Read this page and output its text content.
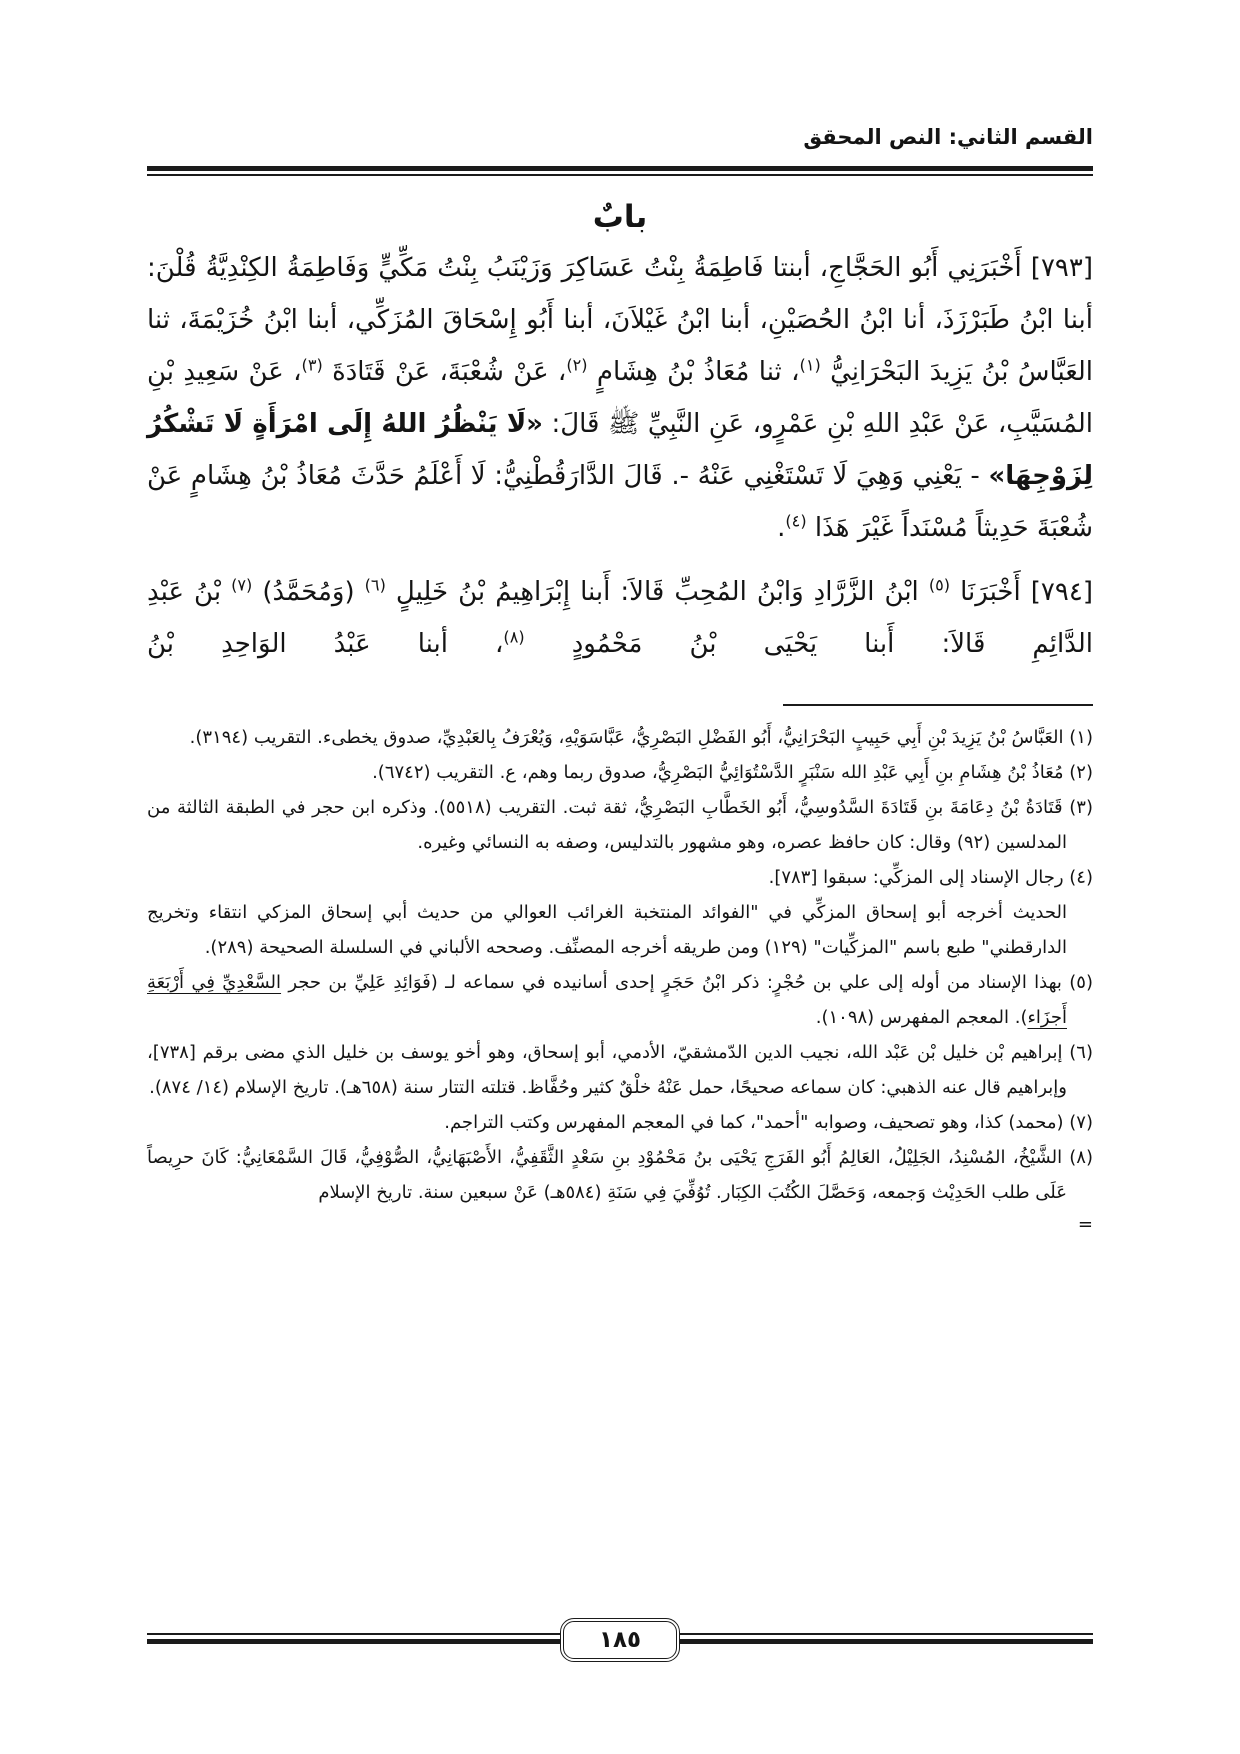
القسم الثاني: النص المحقق
بابٌ

[٧٩٣] أَخْبَرَنِي أَبُو الحَجَّاجِ، أبنتا فَاطِمَةُ بِنْتُ عَسَاكِرَ وَزَيْنَبُ بِنْتُ مَكِّيٍّ وَفَاطِمَةُ الكِنْدِيَّةُ قُلْنَ: أبنا ابْنُ طَبَرْزَذَ، أنا ابْنُ الحُصَيْنِ، أبنا ابْنُ غَيْلاَنَ، أبنا أَبُو إِسْحَاقَ المُزَكِّي، أبنا ابْنُ خُزَيْمَةَ، ثنا العَبَّاسُ بْنُ يَزِيدَ البَحْرَانِيُّ $^{(١)}$، ثنا مُعَاذُ بْنُ هِشَامٍ $^{(٢)}$، عَنْ شُعْبَةَ، عَنْ قَتَادَةَ $^{(٣)}$، عَنْ سَعِيدِ بْنِ المُسَيَّبِ، عَنْ عَبْدِ اللهِ بْنِ عَمْرٍو، عَنِ النَّبِيِّ ﷺ قَالَ: «لَا يَنْظُرُ اللهُ إِلَى امْرَأَةٍ لَا تَشْكُرُ لِزَوْجِهَا» - يَعْنِي وَهِيَ لَا تَسْتَغْنِي عَنْهُ -. قَالَ الدَّارَقُطْنِيُّ: لَا أَعْلَمُ حَدَّثَ مُعَاذُ بْنُ هِشَامٍ عَنْ شُعْبَةَ حَدِيثاً مُسْنَداً غَيْرَ هَذَا $^{(٤)}$.

[٧٩٤] أَخْبَرَنَا $^{(٥)}$ ابْنُ الزَّرَّادِ وَابْنُ المُحِبِّ قَالاَ: أَبنا إِبْرَاهِيمُ بْنُ خَلِيلٍ $^{(٦)}$ (وَمُحَمَّدُ) $^{(٧)}$ بْنُ عَبْدِ الدَّائِمِ قَالاَ: أَبنا يَحْيَى بْنُ مَحْمُودٍ $^{(٨)}$، أبنا عَبْدُ الوَاحِدِ بْنُ

(١) العَبَّاسُ بْنُ يَزِيدَ بْنِ أَبِي حَبِيبٍ البَحْرَانِيُّ، أَبُو الفَضْلِ البَصْرِيُّ، عَبَّاسَوَيْهِ، وَيُعْرَفُ بِالعَبْدِيِّ، صدوق يخطىء. التقريب (٣١٩٤).
(٢) مُعَاذُ بْنُ هِشَامِ بنِ أَبِي عَبْدِ الله سَنْبَرٍ الدَّسْتُوَائِيُّ البَصْرِيُّ، صدوق ربما وهم، ع. التقريب (٦٧٤٢).
(٣) قَتَادَةُ بْنُ دِعَامَةَ بنِ قَتَادَةَ السَّدُوسِيُّ، أَبُو الخَطَّابِ البَصْرِيُّ، ثقة ثبت. التقريب (٥٥١٨). وذكره ابن حجر في الطبقة الثالثة من المدلسين (٩٢) وقال: كان حافظ عصره، وهو مشهور بالتدليس، وصفه به النسائي وغيره.
(٤) رجال الإسناد إلى المزكِّي: سبقوا [٧٨٣].
الحديث أخرجه أبو إسحاق المزكِّي في "الفوائد المنتخبة الغرائب العوالي من حديث أبي إسحاق المزكي انتقاء وتخريج الدارقطني" طبع باسم "المزكِّيات" (١٢٩) ومن طريقه أخرجه المصنِّف. وصححه الألباني في السلسلة الصحيحة (٢٨٩).
(٥) بهذا الإسناد من أوله إلى علي بن حُجْرٍ: ذكر ابْنُ حَجَرٍ إحدى أسانيده في سماعه لـ (فَوَائِدِ عَلِيِّ بن حجر السَّعْدِيِّ فِي أَرْبَعَةِ أَجزَاء). المعجم المفهرس (١٠٩٨).
(٦) إبراهيم بْن خليل بْن عَبْد الله، نجيب الدين الدّمشقيّ، الأدمي، أبو إسحاق، وهو أخو يوسف بن خليل الذي مضى برقم [٧٣٨]، وإبراهيم قال عنه الذهبي: كان سماعه صحيحًا، حمل عَنْهُ خلْقٌ كثير وحُفَّاظ. قتلته التتار سنة (٦٥٨هـ). تاريخ الإسلام (١٤/ ٨٧٤).
(٧) (محمد) كذا، وهو تصحيف، وصوابه "أحمد"، كما في المعجم المفهرس وكتب التراجم.
(٨) الشَّيْخُ، المُسْنِدُ، الجَلِيْلُ، العَالِمُ أَبُو الفَرَجِ يَحْيَى بنُ مَحْمُوْدِ بنِ سَعْدٍ الثَّقَفِيُّ، الأَصْبَهَانِيُّ، الصُّوْفِيُّ، قَالَ السَّمْعَانِيُّ: كَانَ حرِيصاً عَلَى طلب الحَدِيْث وَجمعه، وَحَصَّلَ الكُتُبَ الكِبَار. تُوُفِّيَ فِي سَنَةِ (٥٨٤هـ) عَنْ سبعين سنة. تاريخ الإسلام
=
١٨٥
